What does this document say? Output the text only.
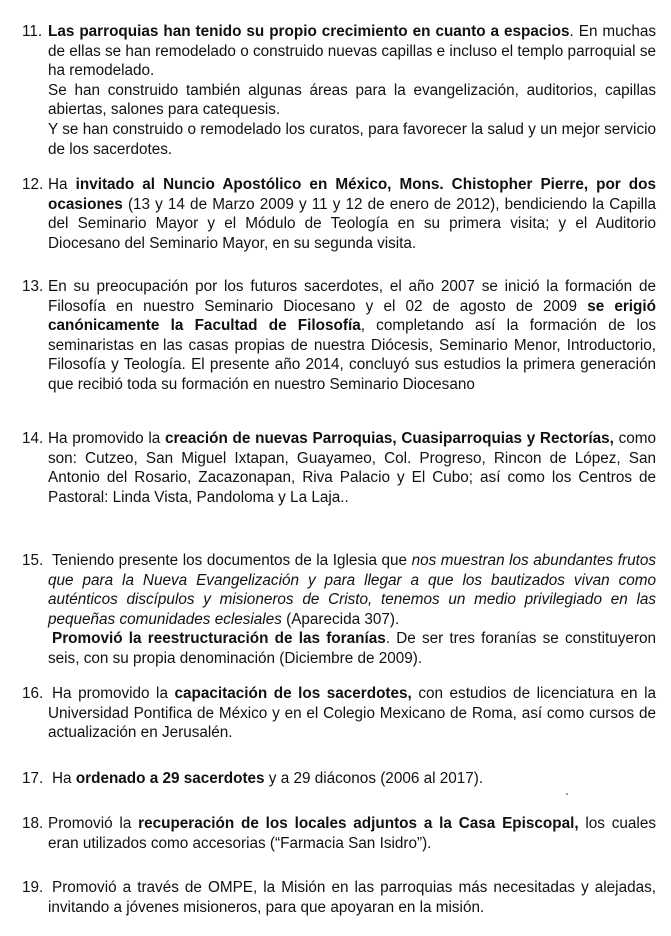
11. Las parroquias han tenido su propio crecimiento en cuanto a espacios. En muchas de ellas se han remodelado o construido nuevas capillas e incluso el templo parroquial se ha remodelado.

Se han construido también algunas áreas para la evangelización, auditorios, capillas abiertas, salones para catequesis.

Y se han construido o remodelado los curatos, para favorecer la salud y un mejor servicio de los sacerdotes.

12. Ha invitado al Nuncio Apostólico en México, Mons. Chistopher Pierre, por dos ocasiones (13 y 14 de Marzo 2009 y 11 y 12 de enero de 2012), bendiciendo la Capilla del Seminario Mayor y el Módulo de Teología en su primera visita; y el Auditorio Diocesano del Seminario Mayor, en su segunda visita.

13. En su preocupación por los futuros sacerdotes, el año 2007 se inició la formación de Filosofía en nuestro Seminario Diocesano y el 02 de agosto de 2009 se erigió canónicamente la Facultad de Filosofía, completando así la formación de los seminaristas en las casas propias de nuestra Diócesis, Seminario Menor, Introductorio, Filosofía y Teología. El presente año 2014, concluyó sus estudios la primera generación que recibió toda su formación en nuestro Seminario Diocesano

14. Ha promovido la creación de nuevas Parroquias, Cuasiparroquias y Rectorías, como son: Cutzeo, San Miguel Ixtapan, Guayameo, Col. Progreso, Rincon de López, San Antonio del Rosario, Zacazonapan, Riva Palacio y El Cubo; así como los Centros de Pastoral: Linda Vista, Pandoloma y La Laja..

15. Teniendo presente los documentos de la Iglesia que nos muestran los abundantes frutos que para la Nueva Evangelización y para llegar a que los bautizados vivan como auténticos discípulos y misioneros de Cristo, tenemos un medio privilegiado en las pequeñas comunidades eclesiales (Aparecida 307).

Promovió la reestructuración de las foranías. De ser tres foranías se constituyeron seis, con su propia denominación (Diciembre de 2009).

16. Ha promovido la capacitación de los sacerdotes, con estudios de licenciatura en la Universidad Pontifica de México y en el Colegio Mexicano de Roma, así como cursos de actualización en Jerusalén.

17. Ha ordenado a 29 sacerdotes y a 29 diáconos (2006 al 2017).

18. Promovió la recuperación de los locales adjuntos a la Casa Episcopal, los cuales eran utilizados como accesorias (“Farmacia San Isidro”).

19. Promovió a través de OMPE, la Misión en las parroquias más necesitadas y alejadas, invitando a jóvenes misioneros, para que apoyaran en la misión.
